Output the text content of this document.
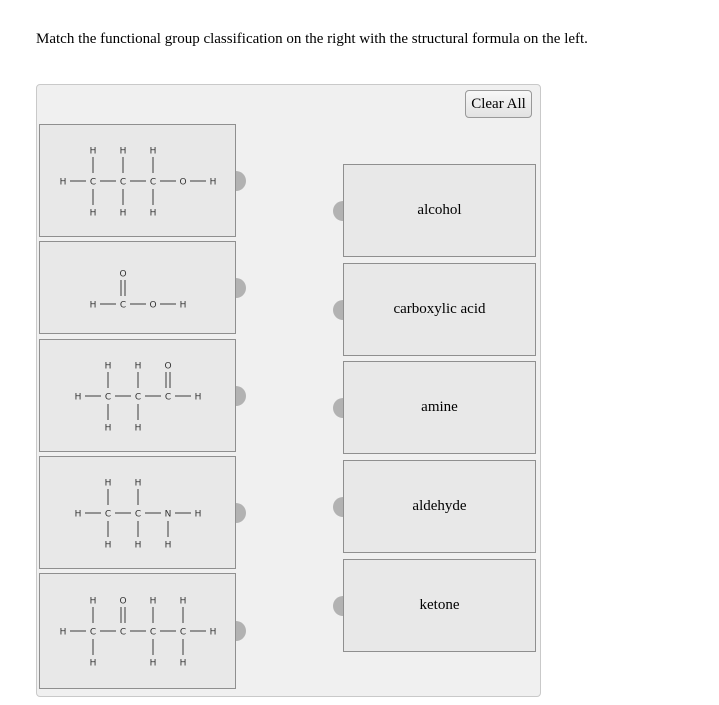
Match the functional group classification on the right with the structural formula on the left.
Clear All
H	C
H
H
C
H
H
C
H
H
O	H
H	C
O
O	H
H	C
H
H
C
H
H
C
O
H
H	C
H
H
C
H
H
N
H
H
H	C
H
H
C
O
C
H
H
C
H
H
H
alcohol
carboxylic acid
amine
aldehyde
ketone
